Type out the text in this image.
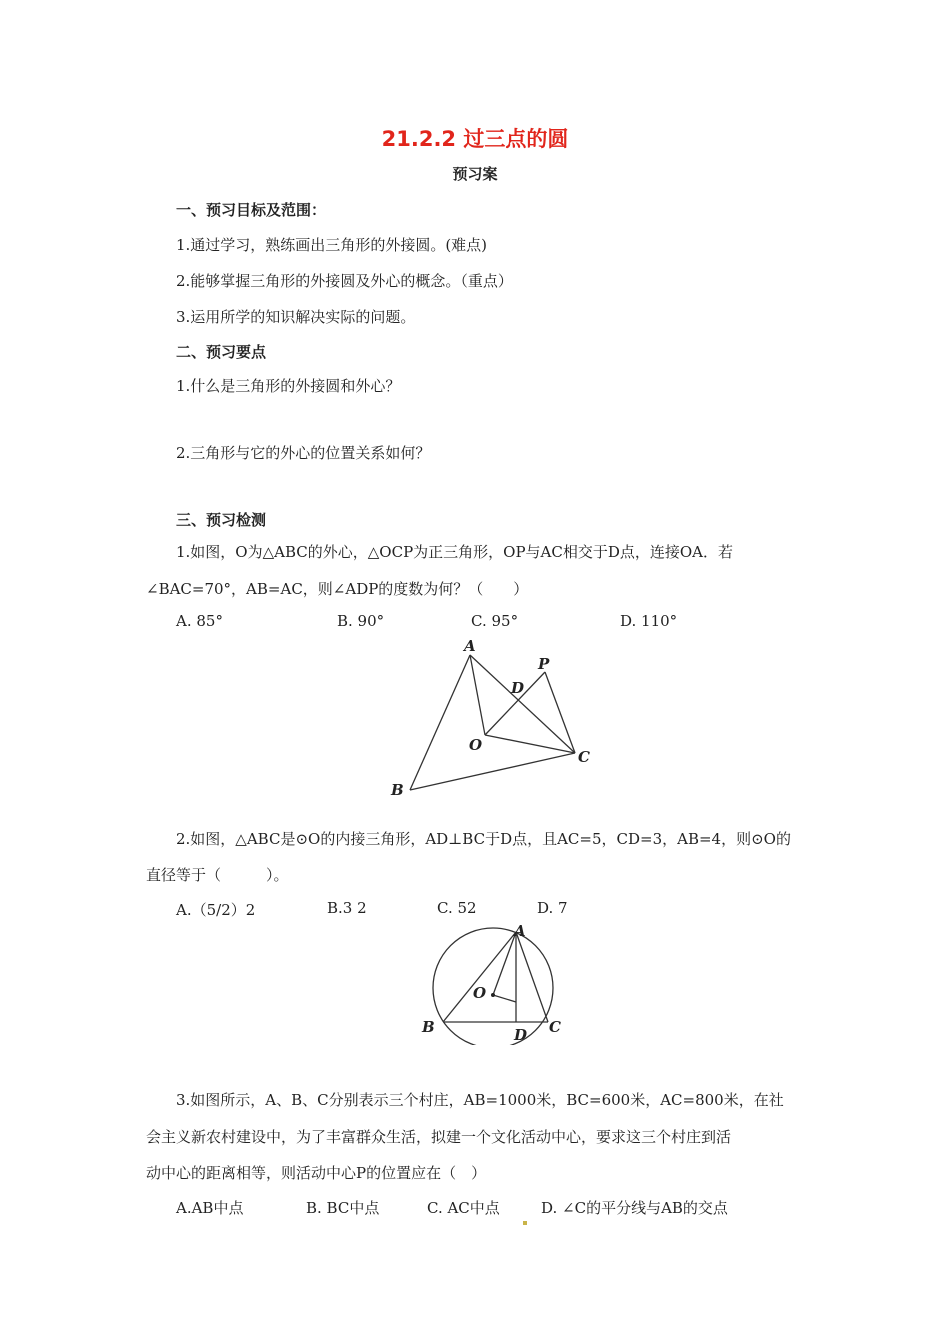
21.2.2 过三点的圆
预习案
一、预习目标及范围：
1.通过学习，熟练画出三角形的外接圆。(难点)
2.能够掌握三角形的外接圆及外心的概念。（重点）
3.运用所学的知识解决实际的问题。
二、预习要点
1.什么是三角形的外接圆和外心？
2.三角形与它的外心的位置关系如何？
三、预习检测
1.如图，O为△ABC的外心，△OCP为正三角形，OP与AC相交于D点，连接OA．若
∠BAC=70°，AB=AC，则∠ADP的度数为何？（　　）
A. 85°	B. 90°	C. 95°	D. 110°
A
P
D
O
C
B
2.如图，△ABC是⊙O的内接三角形，AD⊥BC于D点，且AC=5，CD=3，AB=4，则⊙O的
直径等于（　　　）。
A.（5/2）2	B.3 2	C. 52	D. 7
A
O
B	D C
3.如图所示，A、B、C分别表示三个村庄，AB=1000米，BC=600米，AC=800米，在社
会主义新农村建设中，为了丰富群众生活，拟建一个文化活动中心，要求这三个村庄到活
动中心的距离相等，则活动中心P的位置应在（　）
A.AB中点	B. BC中点	C. AC中点	D. ∠C的平分线与AB的交点
